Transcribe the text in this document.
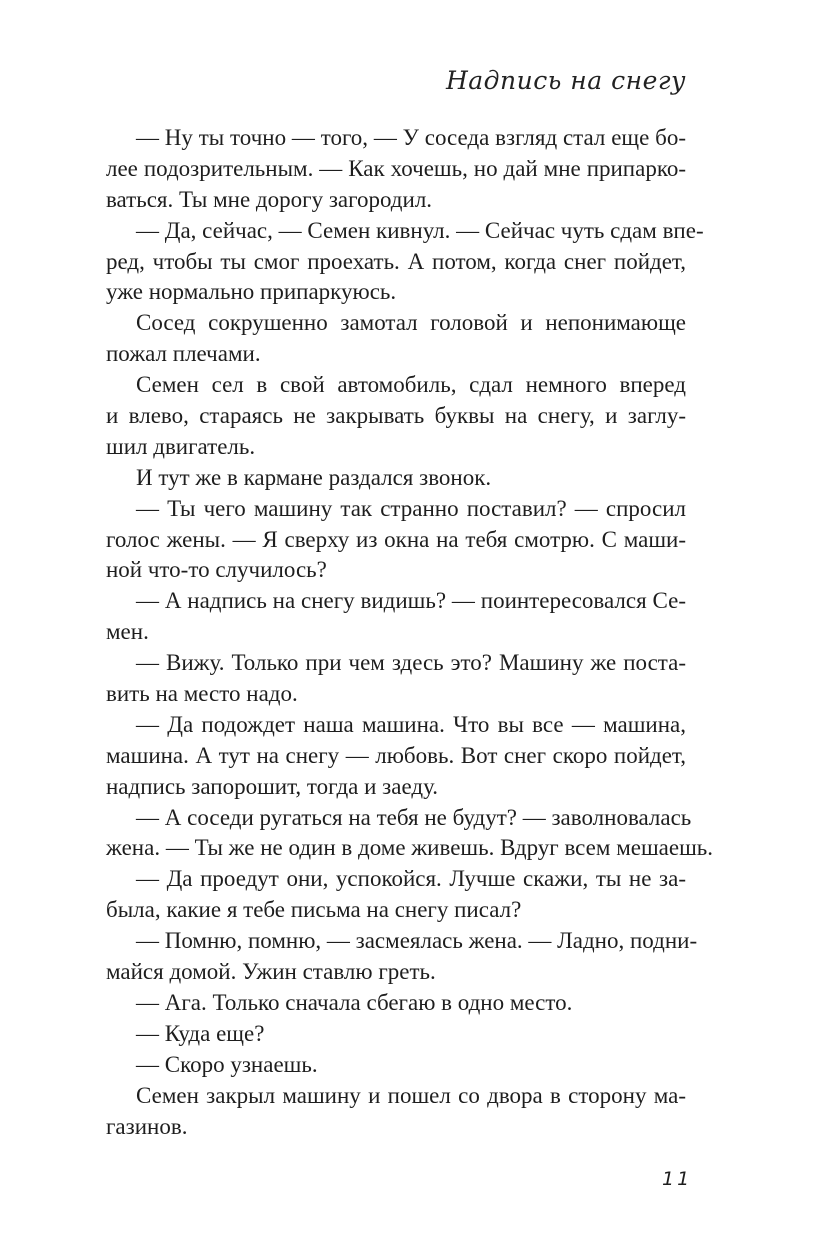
Надпись на снегу
— Ну ты точно — того, — У соседа взгляд стал еще бо-
лее подозрительным. — Как хочешь, но дай мне припарко-
ваться. Ты мне дорогу загородил.
— Да, сейчас, — Семен кивнул. — Сейчас чуть сдам впе-
ред, чтобы ты смог проехать. А потом, когда снег пойдет,
уже нормально припаркуюсь.
Сосед сокрушенно замотал головой и непонимающе
пожал плечами.
Семен сел в свой автомобиль, сдал немного вперед
и влево, стараясь не закрывать буквы на снегу, и заглу-
шил двигатель.
И тут же в кармане раздался звонок.
— Ты чего машину так странно поставил? — спросил
голос жены. — Я сверху из окна на тебя смотрю. С маши-
ной что-то случилось?
— А надпись на снегу видишь? — поинтересовался Се-
мен.
— Вижу. Только при чем здесь это? Машину же поста-
вить на место надо.
— Да подождет наша машина. Что вы все — машина,
машина. А тут на снегу — любовь. Вот снег скоро пойдет,
надпись запорошит, тогда и заеду.
— А соседи ругаться на тебя не будут? — заволновалась
жена. — Ты же не один в доме живешь. Вдруг всем мешаешь.
— Да проедут они, успокойся. Лучше скажи, ты не за-
была, какие я тебе письма на снегу писал?
— Помню, помню, — засмеялась жена. — Ладно, подни-
майся домой. Ужин ставлю греть.
— Ага. Только сначала сбегаю в одно место.
— Куда еще?
— Скоро узнаешь.
Семен закрыл машину и пошел со двора в сторону ма-
газинов.
11
